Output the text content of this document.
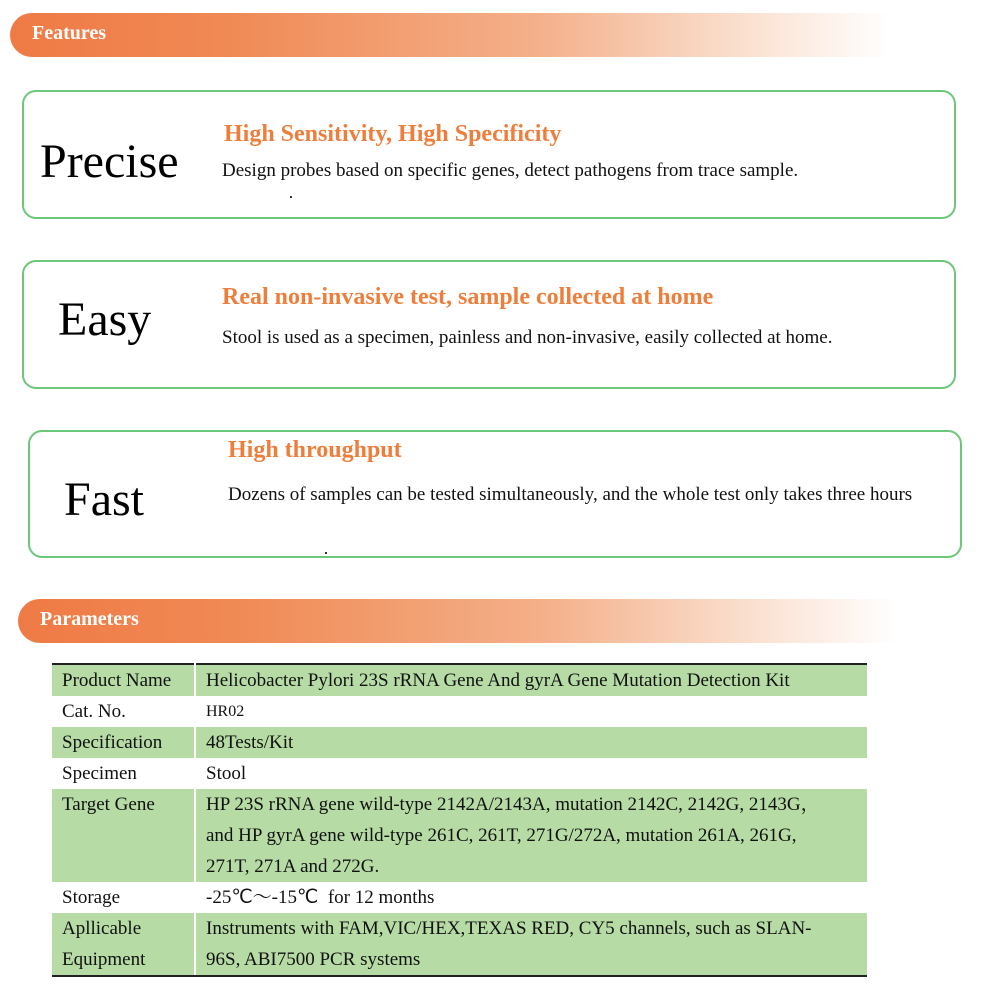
Features
Precise
High Sensitivity, High Specificity
Design probes based on specific genes, detect pathogens from trace sample.
Easy	Real non-invasive test, sample collected at home
Stool is used as a specimen, painless and non-invasive, easily collected at home.
Fast
High throughput
Dozens of samples can be tested simultaneously, and the whole test only takes three hours
Parameters
Product Name	Helicobacter Pylori 23S rRNA Gene And gyrA Gene Mutation Detection Kit
Cat. No.	HR02
Specification	48Tests/Kit
Specimen	Stool
Target Gene	HP 23S rRNA gene wild-type 2142A/2143A, mutation 2142C, 2142G, 2143G，and HP gyrA gene wild-type 261C, 261T, 271G/272A, mutation 261A, 261G, 271T, 271A and 272G.
Storage	-25℃～-15℃  for 12 months
Apllicable Equipment	Instruments with FAM,VIC/HEX,TEXAS RED, CY5 channels, such as SLAN-96S, ABI7500 PCR systems
